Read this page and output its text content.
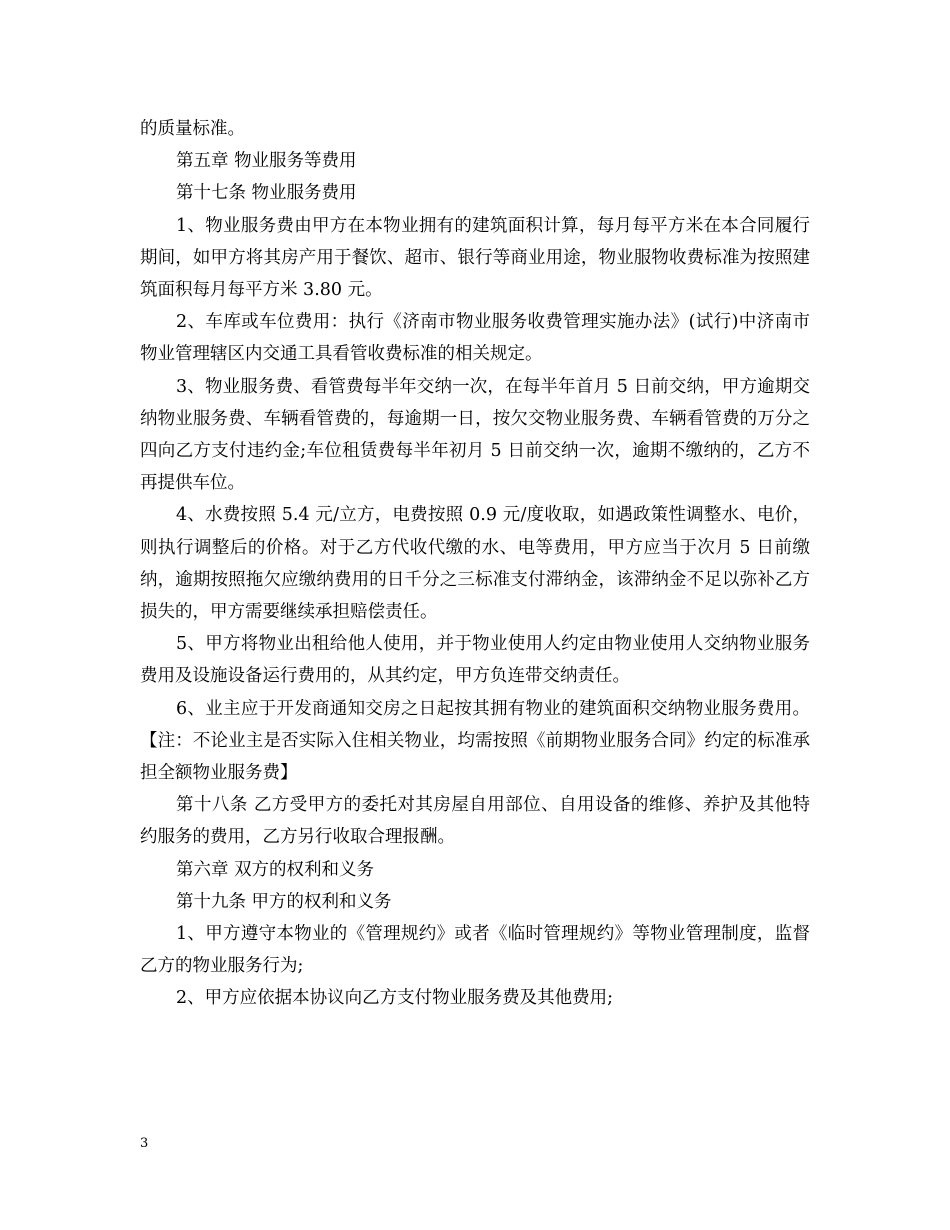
的质量标准。

第五章 物业服务等费用

第十七条 物业服务费用

1、物业服务费由甲方在本物业拥有的建筑面积计算，每月每平方米在本合同履行期间，如甲方将其房产用于餐饮、超市、银行等商业用途，物业服物收费标准为按照建筑面积每月每平方米 3.80 元。

2、车库或车位费用：执行《济南市物业服务收费管理实施办法》(试行)中济南市物业管理辖区内交通工具看管收费标准的相关规定。

3、物业服务费、看管费每半年交纳一次，在每半年首月 5 日前交纳，甲方逾期交纳物业服务费、车辆看管费的，每逾期一日，按欠交物业服务费、车辆看管费的万分之四向乙方支付违约金;车位租赁费每半年初月 5 日前交纳一次，逾期不缴纳的，乙方不再提供车位。

4、水费按照 5.4 元/立方，电费按照 0.9 元/度收取，如遇政策性调整水、电价，则执行调整后的价格。对于乙方代收代缴的水、电等费用，甲方应当于次月 5 日前缴纳，逾期按照拖欠应缴纳费用的日千分之三标准支付滞纳金，该滞纳金不足以弥补乙方损失的，甲方需要继续承担赔偿责任。

5、甲方将物业出租给他人使用，并于物业使用人约定由物业使用人交纳物业服务费用及设施设备运行费用的，从其约定，甲方负连带交纳责任。

6、业主应于开发商通知交房之日起按其拥有物业的建筑面积交纳物业服务费用。【注：不论业主是否实际入住相关物业，均需按照《前期物业服务合同》约定的标准承担全额物业服务费】

第十八条 乙方受甲方的委托对其房屋自用部位、自用设备的维修、养护及其他特 约服务的费用，乙方另行收取合理报酬。

第六章 双方的权利和义务

第十九条 甲方的权利和义务

1、甲方遵守本物业的《管理规约》或者《临时管理规约》等物业管理制度，监督乙方的物业服务行为;

2、甲方应依据本协议向乙方支付物业服务费及其他费用;

3
